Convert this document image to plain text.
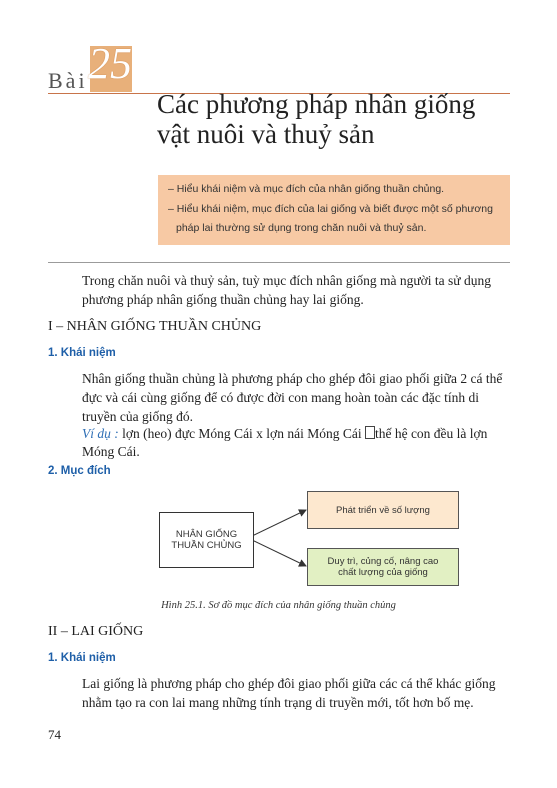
Bài 25
Các phương pháp nhân giống
vật nuôi và thuỷ sản
– Hiểu khái niệm và mục đích của nhân giống thuần chủng.
– Hiểu khái niệm, mục đích của lai giống và biết được một số phương
pháp lai thường sử dụng trong chăn nuôi và thuỷ sản.
Trong chăn nuôi và thuỷ sản, tuỳ mục đích nhân giống mà người ta sử dụng
phương pháp nhân giống thuần chủng hay lai giống.
I – NHÂN GIỐNG THUẦN CHỦNG
1. Khái niệm
Nhân giống thuần chủng là phương pháp cho ghép đôi giao phối giữa 2 cá thể
đực và cái cùng giống để có được đời con mang hoàn toàn các đặc tính di
truyền của giống đó.
Ví dụ : lợn (heo) đực Móng Cái x lợn nái Móng Cái thế hệ con đều là lợn
Móng Cái.
2. Mục đích
NHÂN GIỐNG
THUẦN CHỦNG
Phát triển về số lượng
Duy trì, củng cố, nâng cao
chất lượng của giống
Hình 25.1. Sơ đồ mục đích của nhân giống thuần chủng
II – LAI GIỐNG
1. Khái niệm
Lai giống là phương pháp cho ghép đôi giao phối giữa các cá thể khác giống
nhằm tạo ra con lai mang những tính trạng di truyền mới, tốt hơn bố mẹ.
74
